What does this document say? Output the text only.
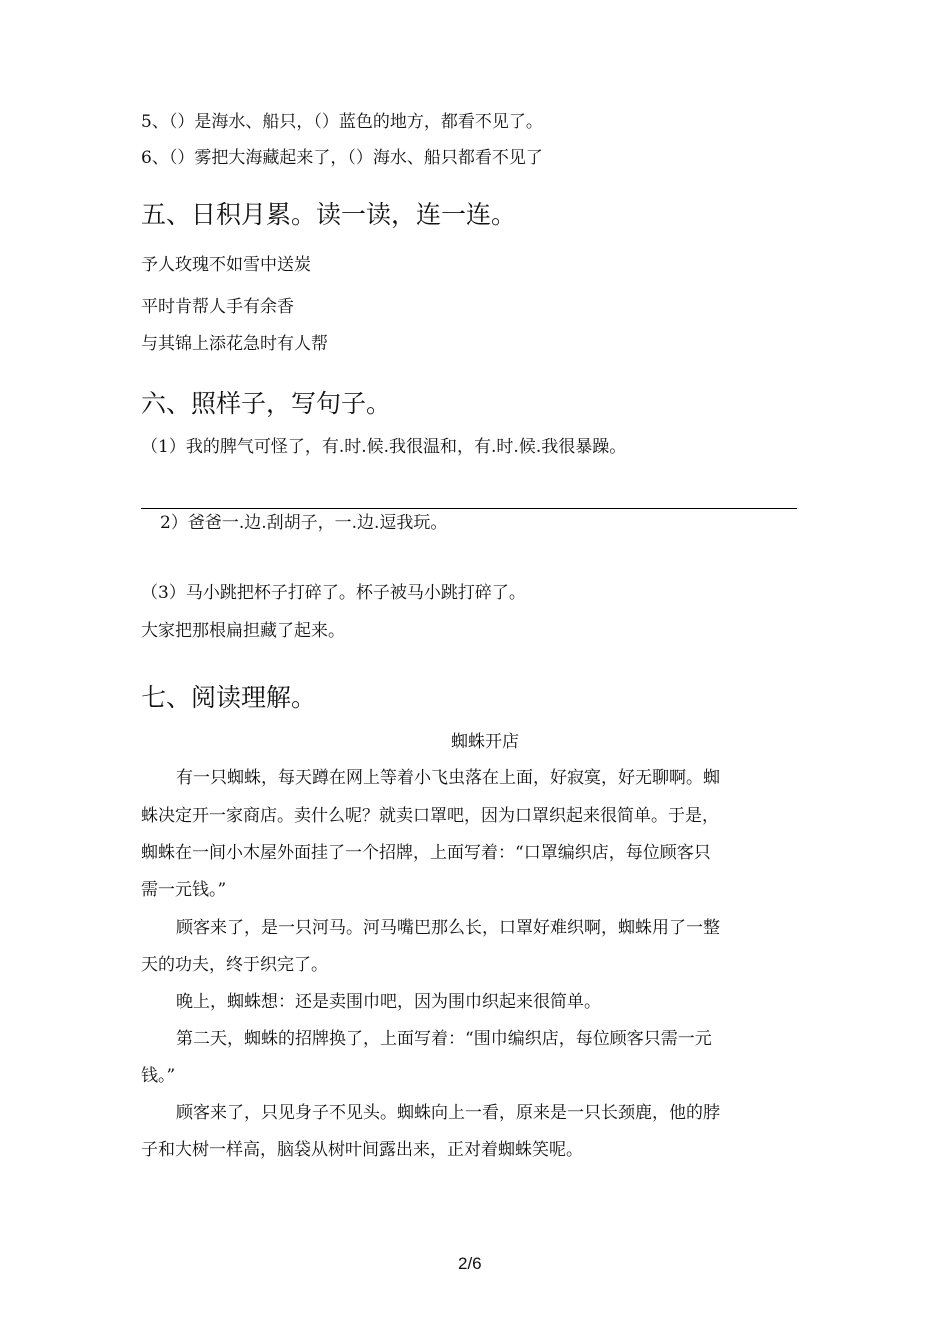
5、（）是海水、船只，（）蓝色的地方，都看不见了。
6、（）雾把大海藏起来了，（）海水、船只都看不见了
五、日积月累。读一读，连一连。
予人玫瑰不如雪中送炭
平时肯帮人手有余香
与其锦上添花急时有人帮
六、照样子，写句子。
（1）我的脾气可怪了，有.时.候.我很温和，有.时.候.我很暴躁。
2）爸爸一.边.刮胡子，一.边.逗我玩。
（3）马小跳把杯子打碎了。杯子被马小跳打碎了。
大家把那根扁担藏了起来。
七、阅读理解。
蜘蛛开店
有一只蜘蛛，每天蹲在网上等着小飞虫落在上面，好寂寞，好无聊啊。蜘
蛛决定开一家商店。卖什么呢？就卖口罩吧，因为口罩织起来很简单。于是，
蜘蛛在一间小木屋外面挂了一个招牌，上面写着：“口罩编织店，每位顾客只
需一元钱。”
顾客来了，是一只河马。河马嘴巴那么长，口罩好难织啊，蜘蛛用了一整
天的功夫，终于织完了。
晚上，蜘蛛想：还是卖围巾吧，因为围巾织起来很简单。
第二天，蜘蛛的招牌换了，上面写着：“围巾编织店，每位顾客只需一元
钱。”
顾客来了，只见身子不见头。蜘蛛向上一看，原来是一只长颈鹿，他的脖
子和大树一样高，脑袋从树叶间露出来，正对着蜘蛛笑呢。
2/6
